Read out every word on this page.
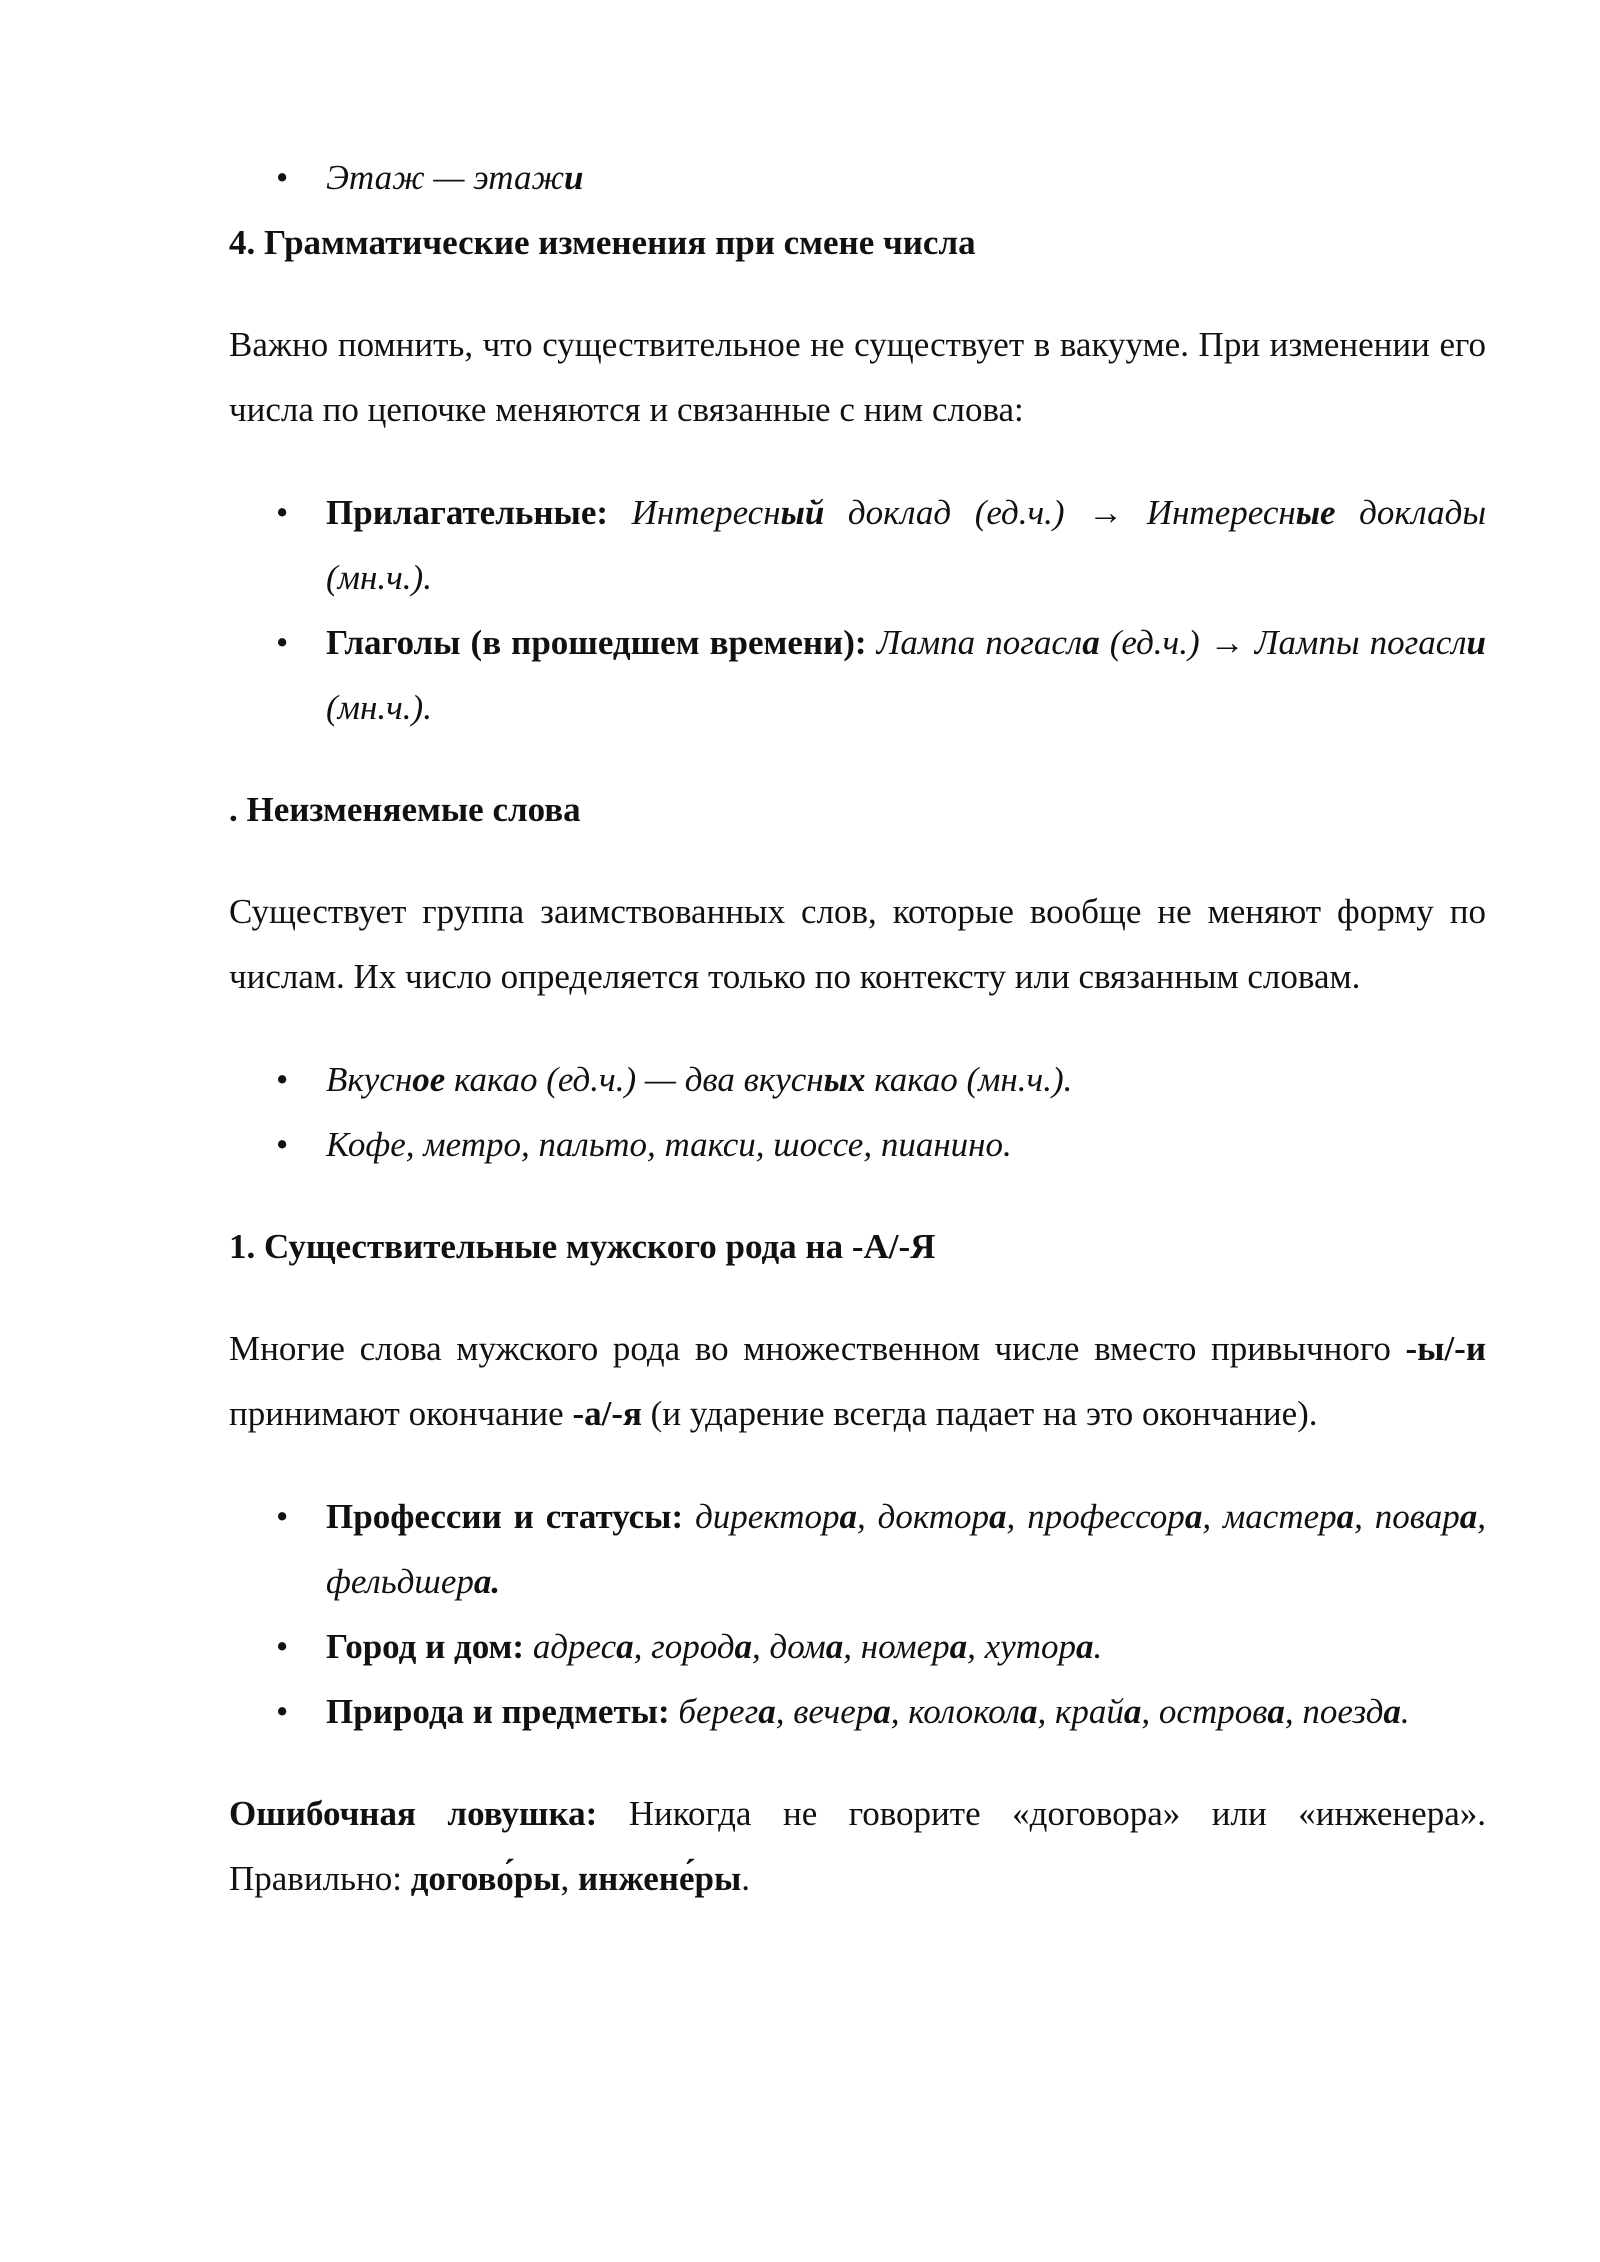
• Этаж — этажи

4. Грамматические изменения при смене числа

Важно помнить, что существительное не существует в вакууме. При изменении его числа по цепочке меняются и связанные с ним слова:

• Прилагательные: Интересный доклад (ед.ч.) → Интересные доклады (мн.ч.).
• Глаголы (в прошедшем времени): Лампа погасла (ед.ч.) → Лампы погасли (мн.ч.).

. Неизменяемые слова

Существует группа заимствованных слов, которые вообще не меняют форму по числам. Их число определяется только по контексту или связанным словам.

• Вкусное какао (ед.ч.) — два вкусных какао (мн.ч.).
• Кофе, метро, пальто, такси, шоссе, пианино.

1. Существительные мужского рода на -А/-Я

Многие слова мужского рода во множественном числе вместо привычного -ы/-и принимают окончание -а/-я (и ударение всегда падает на это окончание).

• Профессии и статусы: директора, доктора, профессора, мастера, повара, фельдшера.
• Город и дом: адреса, города, дома, номера, хутора.
• Природа и предметы: берега, вечера, колокола, крайа, острова, поезда.

Ошибочная ловушка: Никогда не говорите «договора» или «инженера». Правильно: догово́ры, инжене́ры.
